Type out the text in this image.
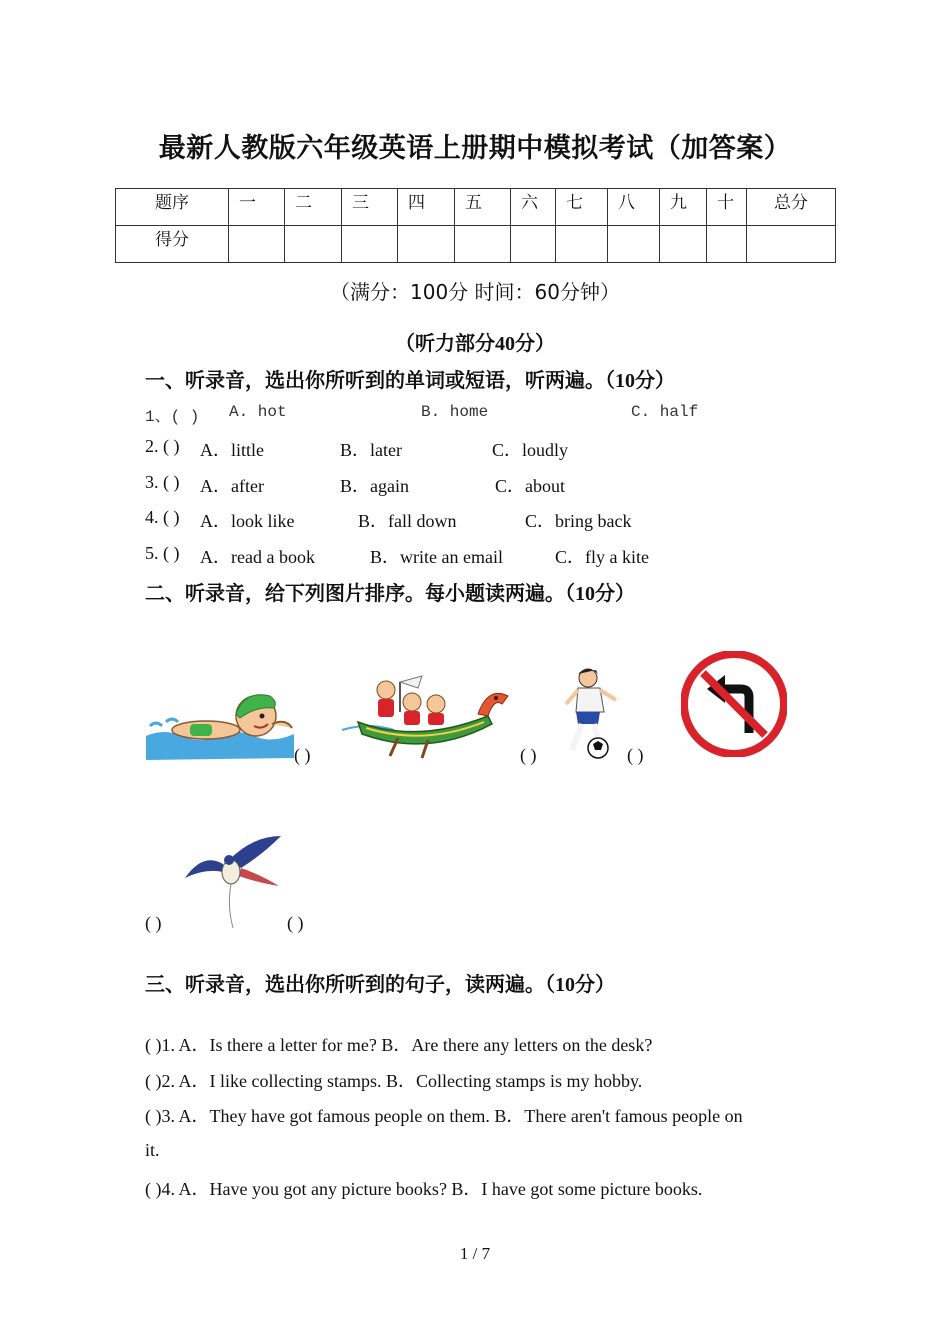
最新人教版六年级英语上册期中模拟考试（加答案）
题序	一	二	三	四	五	六	七	八	九	十	总分
得分											
（满分：100分 时间：60分钟）
（听力部分40分）
一、听录音，选出你所听到的单词或短语，听两遍。（10分）
1、( ) A. hot	B. home	C. half
2. ( ) A．little	B．later	C．loudly
3. ( ) A．after	B．again	C．about
4. ( ) A．look like	B．fall down	C．bring back
5. ( ) A．read a book	B．write an email	C．fly a kite
二、听录音，给下列图片排序。每小题读两遍。（10分）
( )	( )	( )
( )	( )
三、听录音，选出你所听到的句子，读两遍。（10分）
( )1. A．Is there a letter for me? B．Are there any letters on the desk?
( )2. A．I like collecting stamps. B．Collecting stamps is my hobby.
( )3. A．They have got famous people on them. B．There aren't famous people on
it.
( )4. A．Have you got any picture books? B．I have got some picture books.
1 / 7
